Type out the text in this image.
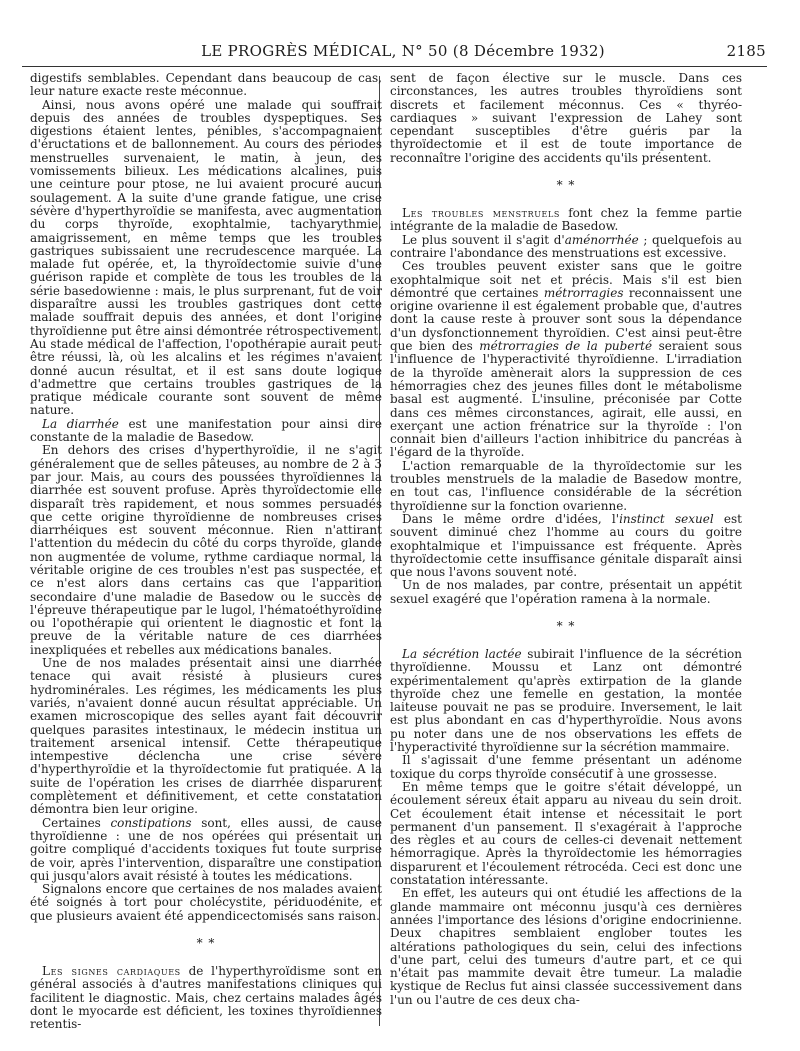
LE PROGRÈS MÉDICAL, N° 50 (8 Décembre 1932)	2185

digestifs semblables. Cependant dans beaucoup de cas, leur nature exacte reste méconnue.

Ainsi, nous avons opéré une malade qui souffrait depuis des années de troubles dyspeptiques. Ses digestions étaient lentes, pénibles, s'accompagnaient d'éructations et de ballonnement. Au cours des périodes menstruelles survenaient, le matin, à jeun, des vomissements bilieux. Les médications alcalines, puis une ceinture pour ptose, ne lui avaient procuré aucun soulagement. A la suite d'une grande fatigue, une crise sévère d'hyperthyroïdie se manifesta, avec augmentation du corps thyroïde, exophtalmie, tachyarythmie, amaigrissement, en même temps que les troubles gastriques subissaient une recrudescence marquée. La malade fut opérée, et, la thyroïdectomie suivie d'une guérison rapide et complète de tous les troubles de la série basedowienne : mais, le plus surprenant, fut de voir disparaître aussi les troubles gastriques dont cette malade souffrait depuis des années, et dont l'origine thyroïdienne put être ainsi démontrée rétrospectivement. Au stade médical de l'affection, l'opothérapie aurait peut-être réussi, là, où les alcalins et les régimes n'avaient donné aucun résultat, et il est sans doute logique d'admettre que certains troubles gastriques de la pratique médicale courante sont souvent de même nature.

La diarrhée est une manifestation pour ainsi dire constante de la maladie de Basedow.

En dehors des crises d'hyperthyroïdie, il ne s'agit généralement que de selles pâteuses, au nombre de 2 à 3 par jour. Mais, au cours des poussées thyroïdiennes la diarrhée est souvent profuse. Après thyroïdectomie elle disparaît très rapidement, et nous sommes persuadés que cette origine thyroïdienne de nombreuses crises diarrhéiques est souvent méconnue. Rien n'attirant l'attention du médecin du côté du corps thyroïde, glande non augmentée de volume, rythme cardiaque normal, la véritable origine de ces troubles n'est pas suspectée, et ce n'est alors dans certains cas que l'apparition secondaire d'une maladie de Basedow ou le succès de l'épreuve thérapeutique par le lugol, l'hématoéthyroïdine ou l'opothérapie qui orientent le diagnostic et font la preuve de la véritable nature de ces diarrhées inexpliquées et rebelles aux médications banales.

Une de nos malades présentait ainsi une diarrhée tenace qui avait résisté à plusieurs cures hydrominérales. Les régimes, les médicaments les plus variés, n'avaient donné aucun résultat appréciable. Un examen microscopique des selles ayant fait découvrir quelques parasites intestinaux, le médecin institua un traitement arsenical intensif. Cette thérapeutique intempestive déclencha une crise sévère d'hyperthyroïdie et la thyroïdectomie fut pratiquée. A la suite de l'opération les crises de diarrhée disparurent complètement et définitivement, et cette constatation démontra bien leur origine.

Certaines constipations sont, elles aussi, de cause thyroïdienne : une de nos opérées qui présentait un goitre compliqué d'accidents toxiques fut toute surprise de voir, après l'intervention, disparaître une constipation qui jusqu'alors avait résisté à toutes les médications.

Signalons encore que certaines de nos malades avaient été soignés à tort pour cholécystite, périduodénite, et que plusieurs avaient été appendicectomisés sans raison.

* *

Les signes cardiaques de l'hyperthyroïdisme sont en général associés à d'autres manifestations cliniques qui facilitent le diagnostic. Mais, chez certains malades âgés dont le myocarde est déficient, les toxines thyroïdiennes retentis-

sent de façon élective sur le muscle. Dans ces circonstances, les autres troubles thyroïdiens sont discrets et facilement méconnus. Ces « thyréo-cardiaques » suivant l'expression de Lahey sont cependant susceptibles d'être guéris par la thyroïdectomie et il est de toute importance de reconnaître l'origine des accidents qu'ils présentent.

* *

Les troubles menstruels font chez la femme partie intégrante de la maladie de Basedow.

Le plus souvent il s'agit d'aménorrhée ; quelquefois au contraire l'abondance des menstruations est excessive.

Ces troubles peuvent exister sans que le goitre exophtalmique soit net et précis. Mais s'il est bien démontré que certaines métrorragies reconnaissent une origine ovarienne il est également probable que, d'autres dont la cause reste à prouver sont sous la dépendance d'un dysfonctionnement thyroïdien. C'est ainsi peut-être que bien des métrorragies de la puberté seraient sous l'influence de l'hyperactivité thyroïdienne. L'irradiation de la thyroïde amènerait alors la suppression de ces hémorragies chez des jeunes filles dont le métabolisme basal est augmenté. L'insuline, préconisée par Cotte dans ces mêmes circonstances, agirait, elle aussi, en exerçant une action frénatrice sur la thyroïde : l'on connait bien d'ailleurs l'action inhibitrice du pancréas à l'égard de la thyroïde.

L'action remarquable de la thyroïdectomie sur les troubles menstruels de la maladie de Basedow montre, en tout cas, l'influence considérable de la sécrétion thyroïdienne sur la fonction ovarienne.

Dans le même ordre d'idées, l'instinct sexuel est souvent diminué chez l'homme au cours du goitre exophtalmique et l'impuissance est fréquente. Après thyroïdectomie cette insuffisance génitale disparaît ainsi que nous l'avons souvent noté.

Un de nos malades, par contre, présentait un appétit sexuel exagéré que l'opération ramena à la normale.

* *

La sécrétion lactée subirait l'influence de la sécrétion thyroïdienne. Moussu et Lanz ont démontré expérimentalement qu'après extirpation de la glande thyroïde chez une femelle en gestation, la montée laiteuse pouvait ne pas se produire. Inversement, le lait est plus abondant en cas d'hyperthyroïdie. Nous avons pu noter dans une de nos observations les effets de l'hyperactivité thyroïdienne sur la sécrétion mammaire.

Il s'agissait d'une femme présentant un adénome toxique du corps thyroïde consécutif à une grossesse.

En même temps que le goitre s'était développé, un écoulement séreux était apparu au niveau du sein droit. Cet écoulement était intense et nécessitait le port permanent d'un pansement. Il s'exagérait à l'approche des règles et au cours de celles-ci devenait nettement hémorragique. Après la thyroïdectomie les hémorragies disparurent et l'écoulement rétrocéda. Ceci est donc une constatation intéressante.

En effet, les auteurs qui ont étudié les affections de la glande mammaire ont méconnu jusqu'à ces dernières années l'importance des lésions d'origine endocrinienne. Deux chapitres semblaient englober toutes les altérations pathologiques du sein, celui des infections d'une part, celui des tumeurs d'autre part, et ce qui n'était pas mammite devait être tumeur. La maladie kystique de Reclus fut ainsi classée successivement dans l'un ou l'autre de ces deux cha-
